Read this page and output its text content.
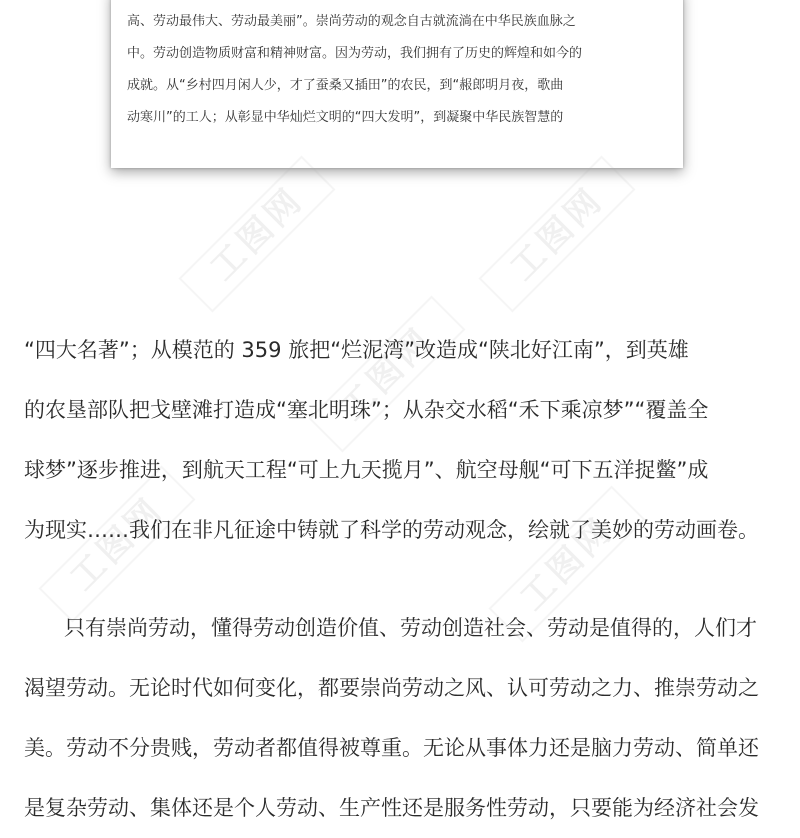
高、劳动最伟大、劳动最美丽”。崇尚劳动的观念自古就流淌在中华民族血脉之
中。劳动创造物质财富和精神财富。因为劳动，我们拥有了历史的辉煌和如今的
成就。从“乡村四月闲人少，才了蚕桑又插田”的农民，到“赧郎明月夜，歌曲
动寒川”的工人；从彰显中华灿烂文明的“四大发明”，到凝聚中华民族智慧的
工图网	工图网
工图网
工图网	工图网
“四大名著”；从模范的 359 旅把“烂泥湾”改造成“陕北好江南”，到英雄
的农垦部队把戈壁滩打造成“塞北明珠”；从杂交水稻“禾下乘凉梦”“覆盖全
球梦”逐步推进，到航天工程“可上九天揽月”、航空母舰“可下五洋捉鳖”成
为现实……我们在非凡征途中铸就了科学的劳动观念，绘就了美妙的劳动画卷。
只有崇尚劳动，懂得劳动创造价值、劳动创造社会、劳动是值得的，人们才
渴望劳动。无论时代如何变化，都要崇尚劳动之风、认可劳动之力、推崇劳动之
美。劳动不分贵贱，劳动者都值得被尊重。无论从事体力还是脑力劳动、简单还
是复杂劳动、集体还是个人劳动、生产性还是服务性劳动，只要能为经济社会发
